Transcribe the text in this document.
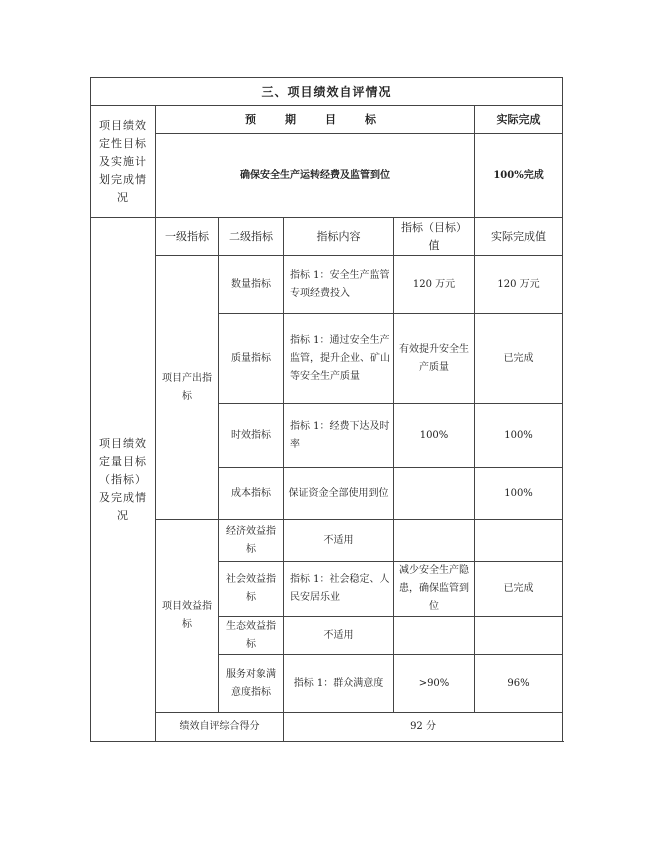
三、项目绩效自评情况					
项目绩效定性目标及实施计划完成情况	预　期　目　标				实际完成
	确保安全生产运转经费及监管到位				100%完成
项目绩效定量目标（指标）及完成情况	一级指标	二级指标	指标内容	指标（目标）值	实际完成值
	项目产出指标	数量指标	指标 1：安全生产监管专项经费投入	120 万元	120 万元
		质量指标	指标 1：通过安全生产监管，提升企业、矿山等安全生产质量	有效提升安全生产质量	已完成
		时效指标	指标 1：经费下达及时率	100%	100%
		成本指标	保证资金全部使用到位		100%
	项目效益指标	经济效益指标	不适用		
		社会效益指标	指标 1：社会稳定、人民安居乐业	减少安全生产隐患，确保监管到位	已完成
		生态效益指标	不适用		
		服务对象满意度指标	指标 1：群众满意度	>90%	96%
	绩效自评综合得分		92 分		
